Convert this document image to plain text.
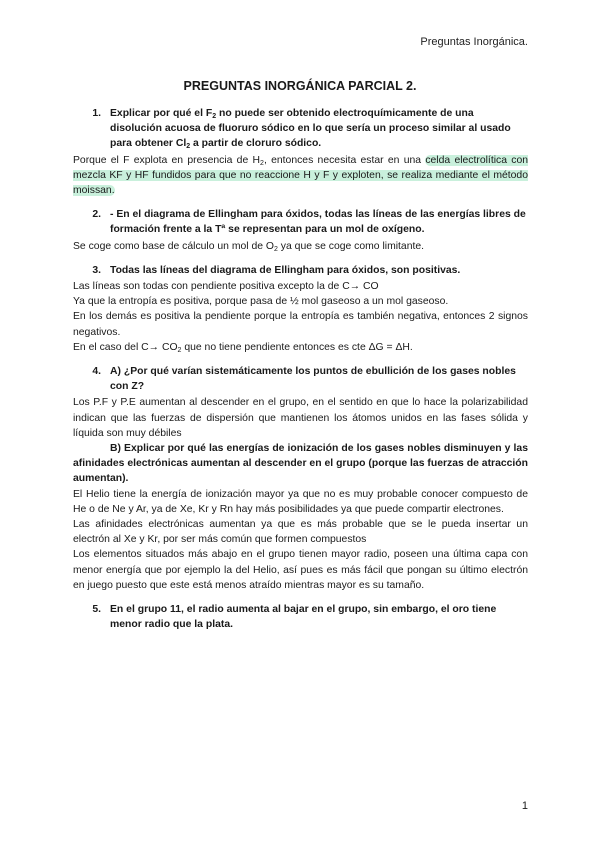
Preguntas Inorgánica.
PREGUNTAS INORGÁNICA PARCIAL 2.
1. Explicar por qué el $F_2$ no puede ser obtenido electroquímicamente de una disolución acuosa de fluoruro sódico en lo que sería un proceso similar al usado para obtener $Cl_2$ a partir de cloruro sódico.

Porque el F explota en presencia de $H_2$, entonces necesita estar en una celda electrolítica con mezcla KF y HF fundidos para que no reaccione H y F y exploten, se realiza mediante el método moissan.

2. - En el diagrama de Ellingham para óxidos, todas las líneas de las energías libres de formación frente a la Tª se representan para un mol de oxígeno.

Se coge como base de cálculo un mol de $O_2$ ya que se coge como limitante.

3. Todas las líneas del diagrama de Ellingham para óxidos, son positivas.

Las líneas son todas con pendiente positiva excepto la de C→ CO

Ya que la entropía es positiva, porque pasa de ½ mol gaseoso a un mol gaseoso.

En los demás es positiva la pendiente porque la entropía es también negativa, entonces 2 signos negativos.

En el caso del $C\to CO_2$ que no tiene pendiente entonces es cte ΔG = ΔH.

4. A) ¿Por qué varían sistemáticamente los puntos de ebullición de los gases nobles con Z?

Los P.F y P.E aumentan al descender en el grupo, en el sentido en que lo hace la polarizabilidad indican que las fuerzas de dispersión que mantienen los átomos unidos en las fases sólida y líquida son muy débiles

B) Explicar por qué las energías de ionización de los gases nobles disminuyen y las afinidades electrónicas aumentan al descender en el grupo (porque las fuerzas de atracción aumentan).

El Helio tiene la energía de ionización mayor ya que no es muy probable conocer compuesto de He o de Ne y Ar, ya de Xe, Kr y Rn hay más posibilidades ya que puede compartir electrones.

Las afinidades electrónicas aumentan ya que es más probable que se le pueda insertar un electrón al Xe y Kr, por ser más común que formen compuestos

Los elementos situados más abajo en el grupo tienen mayor radio, poseen una última capa con menor energía que por ejemplo la del Helio, así pues es más fácil que pongan su último electrón en juego puesto que este está menos atraído mientras mayor es su tamaño.

5. En el grupo 11, el radio aumenta al bajar en el grupo, sin embargo, el oro tiene menor radio que la plata.
1
